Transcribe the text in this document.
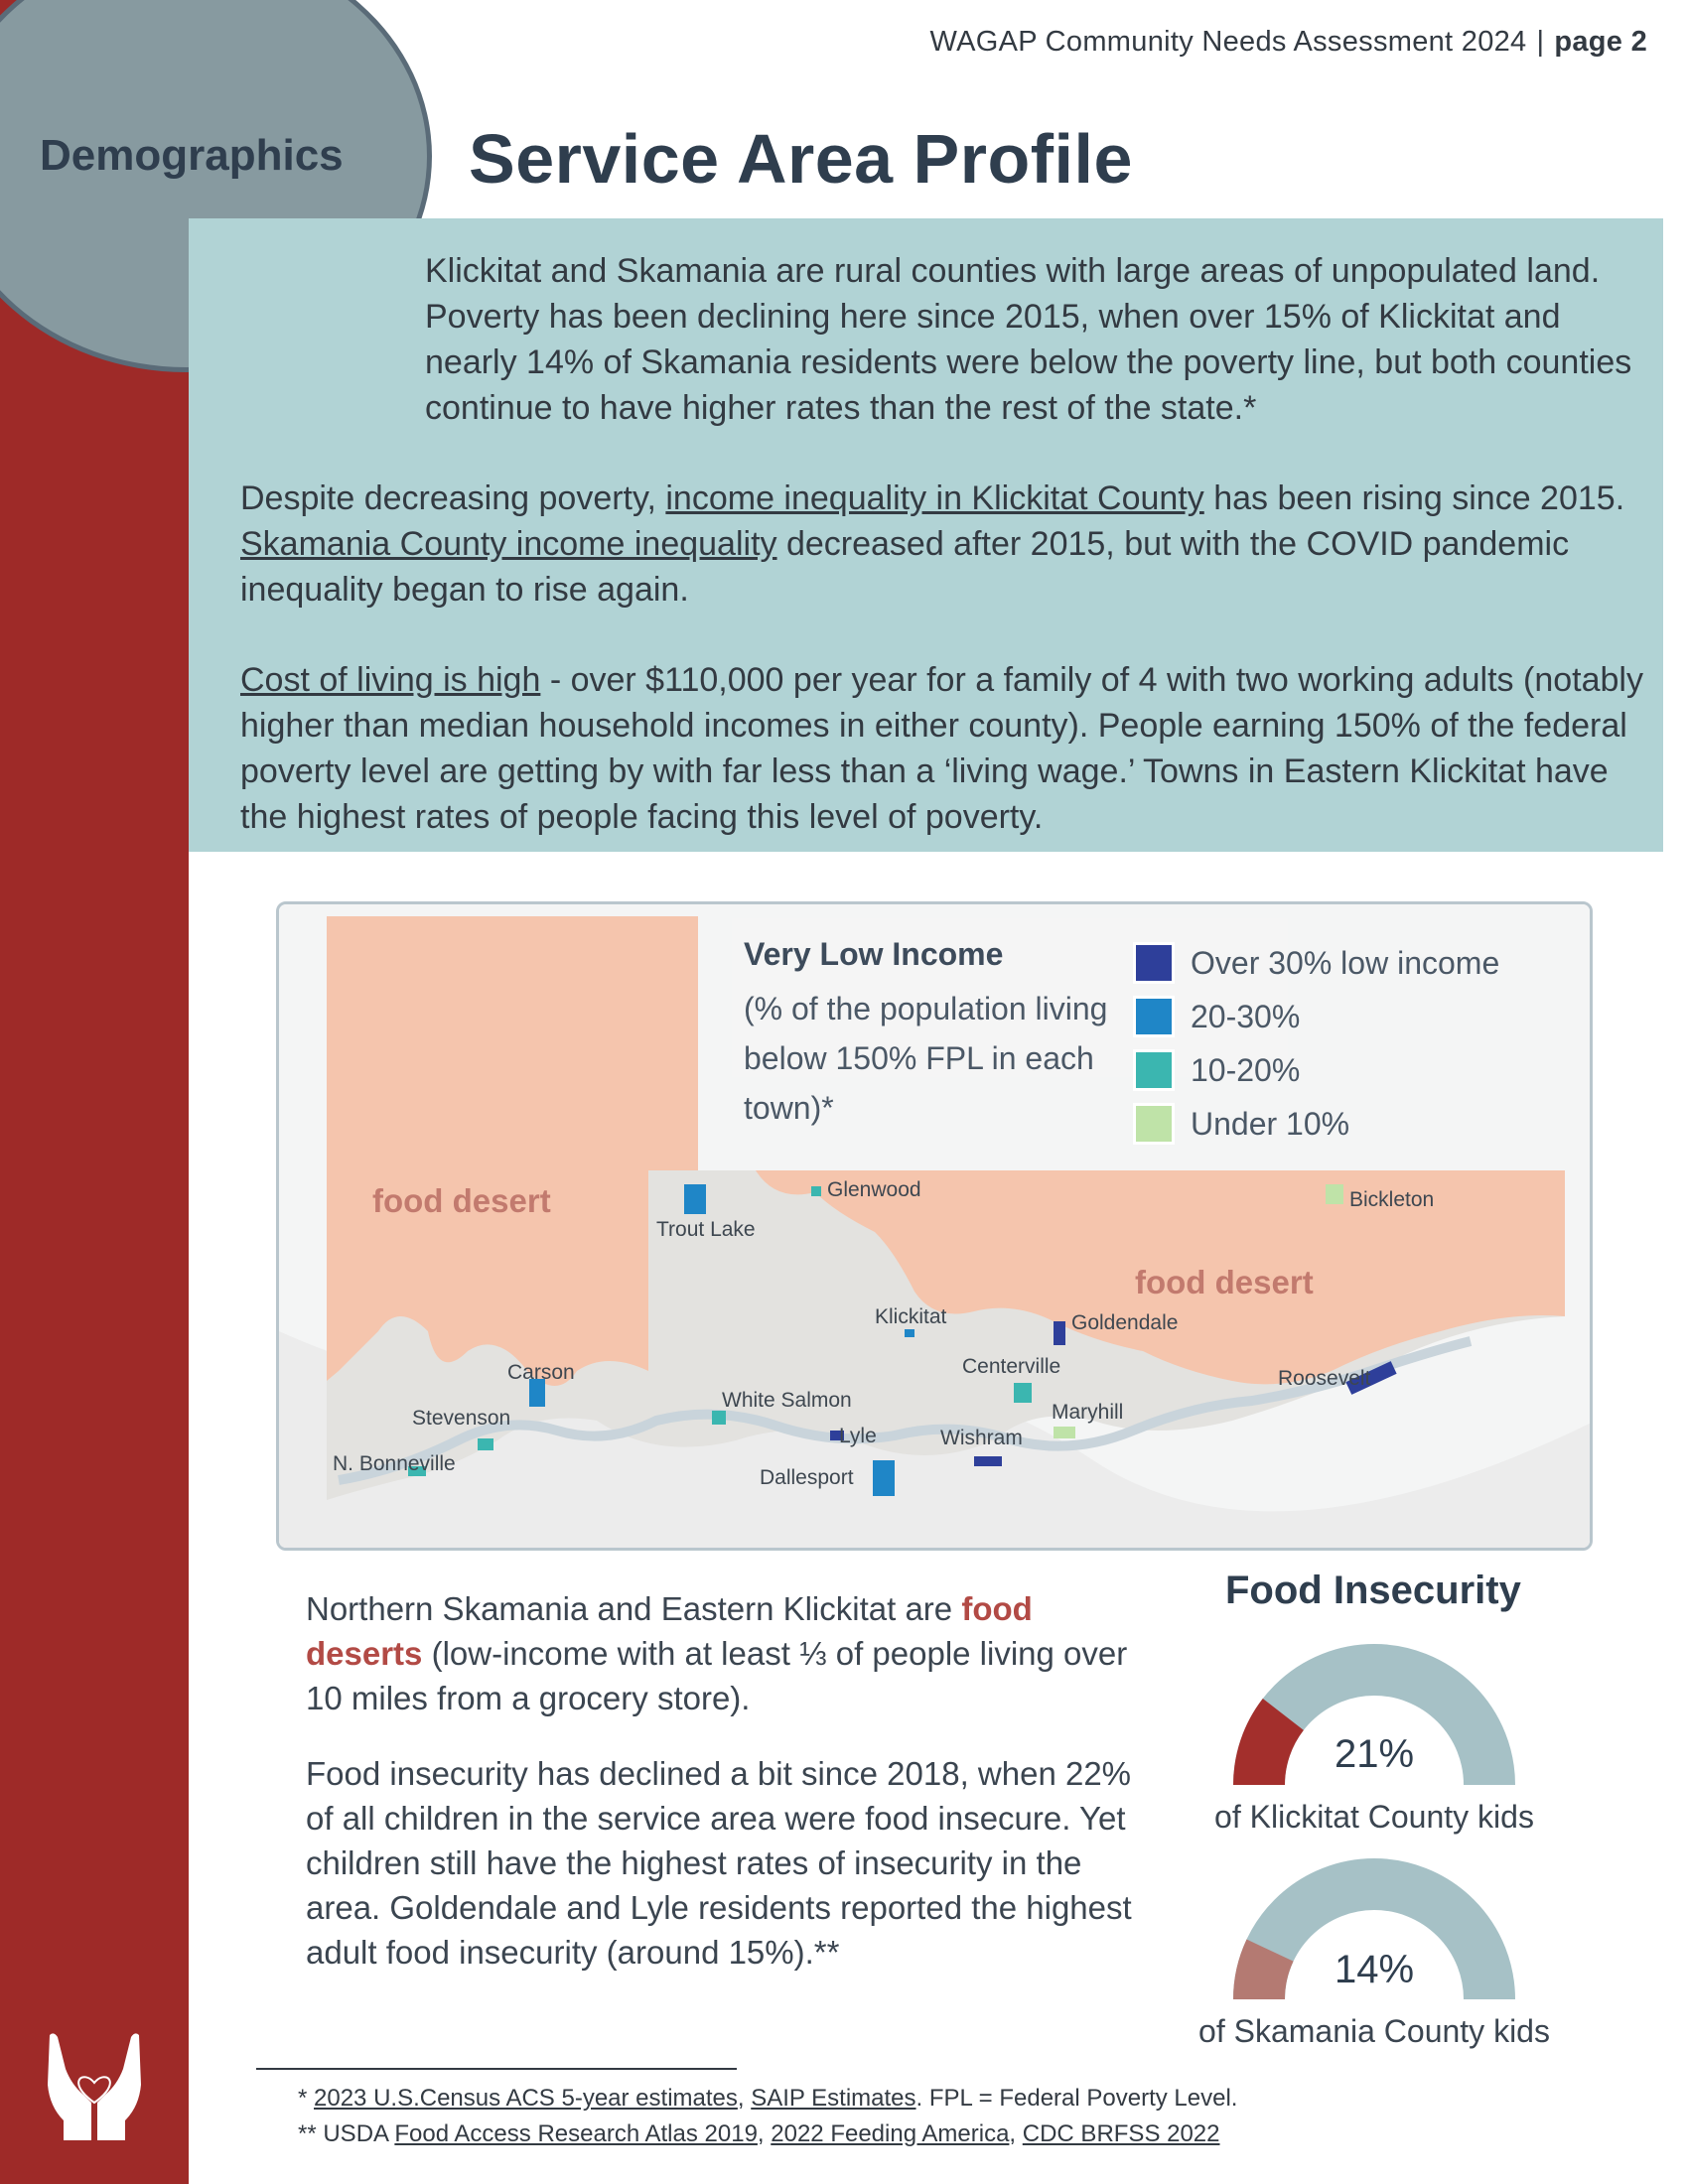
Demographics
WAGAP Community Needs Assessment 2024 | page 2
Service Area Profile

Klickitat and Skamania are rural counties with large areas of unpopulated land. Poverty has been declining here since 2015, when over 15% of Klickitat and nearly 14% of Skamania residents were below the poverty line, but both counties continue to have higher rates than the rest of the state.*

Despite decreasing poverty, income inequality in Klickitat County has been rising since 2015. Skamania County income inequality decreased after 2015, but with the COVID pandemic inequality began to rise again.

Cost of living is high - over $110,000 per year for a family of 4 with two working adults (notably higher than median household incomes in either county). People earning 150% of the federal poverty level are getting by with far less than a ‘living wage.’ Towns in Eastern Klickitat have the highest rates of people facing this level of poverty.

Very Low Income
(% of the population living below 150% FPL in each town)*
Over 30% low income
20-30%
10-20%
Under 10%
food desert
food desert
Glenwood	Bickleton
Trout Lake
Klickitat	Goldendale
Centerville
Roosevelt
Carson
White Salmon
Maryhill
Stevenson
Lyle	Wishram
N. Bonneville
Dallesport

Northern Skamania and Eastern Klickitat are food deserts (low-income with at least ⅓ of people living over 10 miles from a grocery store).

Food insecurity has declined a bit since 2018, when 22% of all children in the service area were food insecure. Yet children still have the highest rates of insecurity in the area. Goldendale and Lyle residents reported the highest adult food insecurity (around 15%).**

Food Insecurity
21%
of Klickitat County kids
14%
of Skamania County kids
* 2023 U.S.Census ACS 5-year estimates, SAIP Estimates. FPL = Federal Poverty Level.
** USDA Food Access Research Atlas 2019, 2022 Feeding America, CDC BRFSS 2022
